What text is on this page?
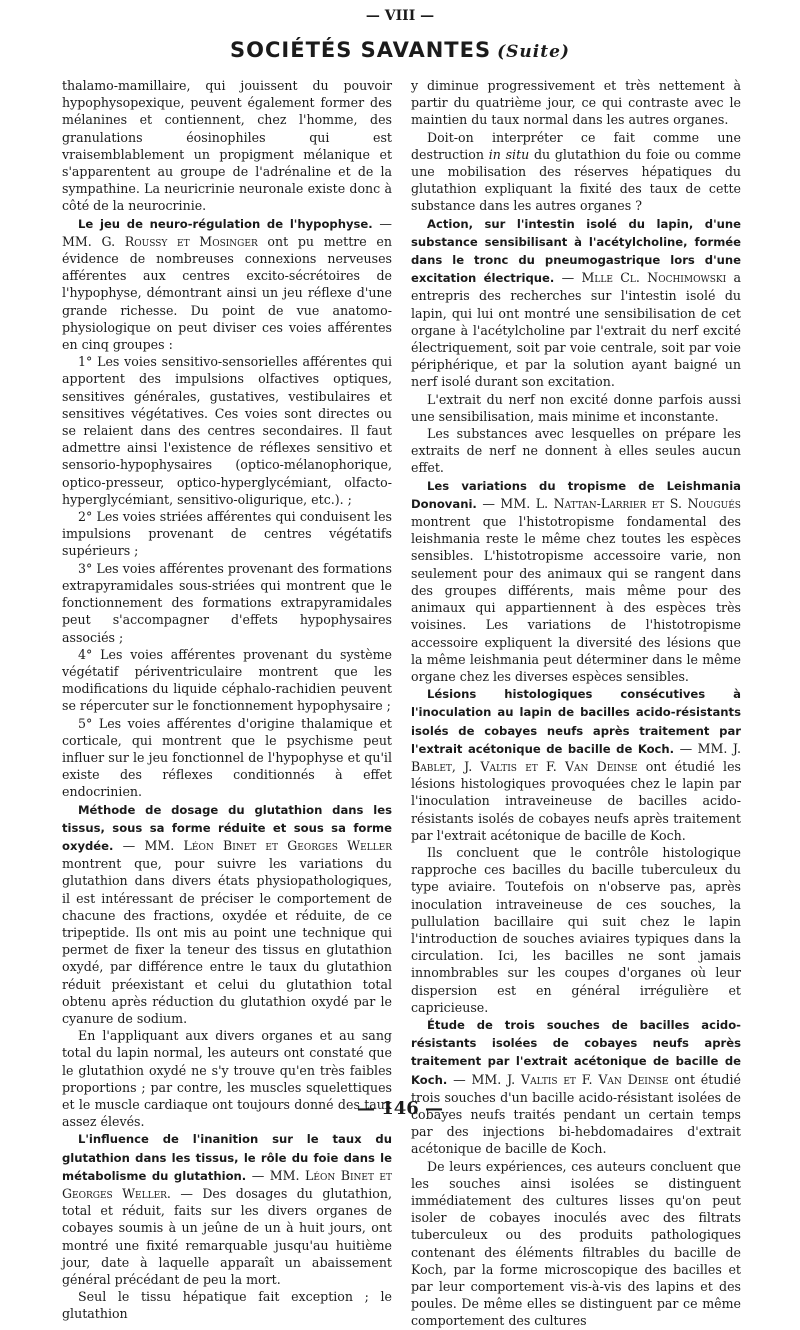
— VIII —
SOCIÉTÉS SAVANTES (Suite)

thalamo-mamillaire, qui jouissent du pouvoir hypophysopexique, peuvent également former des mélanines et contiennent, chez l'homme, des granulations éosinophiles qui est vraisemblablement un propigment mélanique et s'apparentent au groupe de l'adrénaline et de la sympathine. La neuricrinie neuronale existe donc à côté de la neurocrinie.

Le jeu de neuro-régulation de l'hypophyse. — MM. G. Roussy et Mosinger ont pu mettre en évidence de nombreuses connexions nerveuses afférentes aux centres excito-sécrétoires de l'hypophyse, démontrant ainsi un jeu réflexe d'une grande richesse. Du point de vue anatomo-physiologique on peut diviser ces voies afférentes en cinq groupes :

1° Les voies sensitivo-sensorielles afférentes qui apportent des impulsions olfactives optiques, sensitives générales, gustatives, vestibulaires et sensitives végétatives. Ces voies sont directes ou se relaient dans des centres secondaires. Il faut admettre ainsi l'existence de réflexes sensitivo et sensorio-hypophysaires (optico-mélanophorique, optico-presseur, optico-hyperglycémiant, olfacto-hyperglycémiant, sensitivo-oligurique, etc.). ;

2° Les voies striées afférentes qui conduisent les impulsions provenant de centres végétatifs supérieurs ;

3° Les voies afférentes provenant des formations extrapyramidales sous-striées qui montrent que le fonctionnement des formations extrapyramidales peut s'accompagner d'effets hypophysaires associés ;

4° Les voies afférentes provenant du système végétatif périventriculaire montrent que les modifications du liquide céphalo-rachidien peuvent se répercuter sur le fonctionnement hypophysaire ;

5° Les voies afférentes d'origine thalamique et corticale, qui montrent que le psychisme peut influer sur le jeu fonctionnel de l'hypophyse et qu'il existe des réflexes conditionnés à effet endocrinien.

Méthode de dosage du glutathion dans les tissus, sous sa forme réduite et sous sa forme oxydée. — MM. Léon Binet et Georges Weller montrent que, pour suivre les variations du glutathion dans divers états physiopathologiques, il est intéressant de préciser le comportement de chacune des fractions, oxydée et réduite, de ce tripeptide. Ils ont mis au point une technique qui permet de fixer la teneur des tissus en glutathion oxydé, par différence entre le taux du glutathion réduit préexistant et celui du glutathion total obtenu après réduction du glutathion oxydé par le cyanure de sodium.

En l'appliquant aux divers organes et au sang total du lapin normal, les auteurs ont constaté que le glutathion oxydé ne s'y trouve qu'en très faibles proportions ; par contre, les muscles squelettiques et le muscle cardiaque ont toujours donné des taux assez élevés.

L'influence de l'inanition sur le taux du glutathion dans les tissus, le rôle du foie dans le métabolisme du glutathion. — MM. Léon Binet et Georges Weller. — Des dosages du glutathion, total et réduit, faits sur les divers organes de cobayes soumis à un jeûne de un à huit jours, ont montré une fixité remarquable jusqu'au huitième jour, date à laquelle apparaît un abaissement général précédant de peu la mort.

Seul le tissu hépatique fait exception ; le glutathion

y diminue progressivement et très nettement à partir du quatrième jour, ce qui contraste avec le maintien du taux normal dans les autres organes.

Doit-on interpréter ce fait comme une destruction in situ du glutathion du foie ou comme une mobilisation des réserves hépatiques du glutathion expliquant la fixité des taux de cette substance dans les autres organes ?

Action, sur l'intestin isolé du lapin, d'une substance sensibilisant à l'acétylcholine, formée dans le tronc du pneumogastrique lors d'une excitation électrique. — Mlle Cl. Nochimowski a entrepris des recherches sur l'intestin isolé du lapin, qui lui ont montré une sensibilisation de cet organe à l'acétylcholine par l'extrait du nerf excité électriquement, soit par voie centrale, soit par voie périphérique, et par la solution ayant baigné un nerf isolé durant son excitation.

L'extrait du nerf non excité donne parfois aussi une sensibilisation, mais minime et inconstante.

Les substances avec lesquelles on prépare les extraits de nerf ne donnent à elles seules aucun effet.

Les variations du tropisme de Leishmania Donovani. — MM. L. Nattan-Larrier et S. Nougués montrent que l'histotropisme fondamental des leishmania reste le même chez toutes les espèces sensibles. L'histotropisme accessoire varie, non seulement pour des animaux qui se rangent dans des groupes différents, mais même pour des animaux qui appartiennent à des espèces très voisines. Les variations de l'histotropisme accessoire expliquent la diversité des lésions que la même leishmania peut déterminer dans le même organe chez les diverses espèces sensibles.

Lésions histologiques consécutives à l'inoculation au lapin de bacilles acido-résistants isolés de cobayes neufs après traitement par l'extrait acétonique de bacille de Koch. — MM. J. Bablet, J. Valtis et F. Van Deinse ont étudié les lésions histologiques provoquées chez le lapin par l'inoculation intraveineuse de bacilles acido-résistants isolés de cobayes neufs après traitement par l'extrait acétonique de bacille de Koch.

Ils concluent que le contrôle histologique rapproche ces bacilles du bacille tuberculeux du type aviaire. Toutefois on n'observe pas, après inoculation intraveineuse de ces souches, la pullulation bacillaire qui suit chez le lapin l'introduction de souches aviaires typiques dans la circulation. Ici, les bacilles ne sont jamais innombrables sur les coupes d'organes où leur dispersion est en général irrégulière et capricieuse.

Étude de trois souches de bacilles acido-résistants isolées de cobayes neufs après traitement par l'extrait acétonique de bacille de Koch. — MM. J. Valtis et F. Van Deinse ont étudié trois souches d'un bacille acido-résistant isolées de cobayes neufs traités pendant un certain temps par des injections bi-hebdomadaires d'extrait acétonique de bacille de Koch.

De leurs expériences, ces auteurs concluent que les souches ainsi isolées se distinguent immédiatement des cultures lisses qu'on peut isoler de cobayes inoculés avec des filtrats tuberculeux ou des produits pathologiques contenant des éléments filtrables du bacille de Koch, par la forme microscopique des bacilles et par leur comportement vis-à-vis des lapins et des poules. De même elles se distinguent par ce même comportement des cultures

— 146 —
